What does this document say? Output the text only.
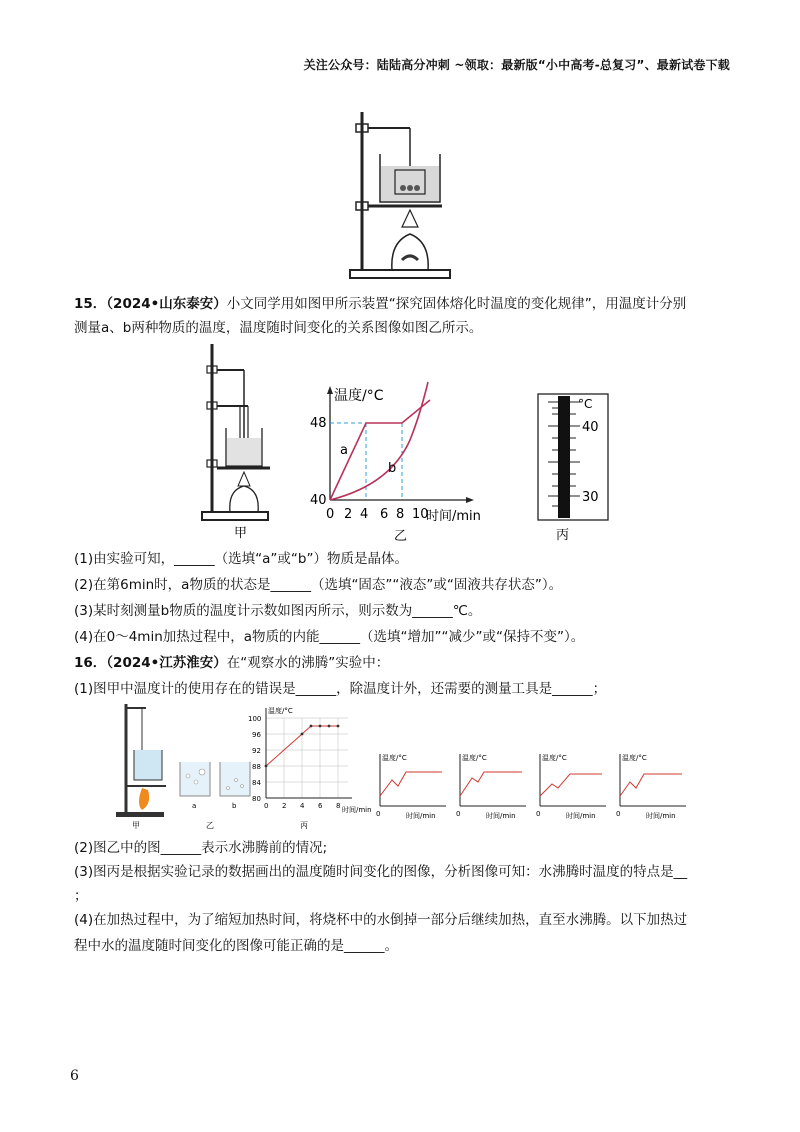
关注公众号：陆陆高分冲刺 ~领取：最新版“小中高考-总复习”、最新试卷下载
15．（2024•山东泰安）小文同学用如图甲所示装置“探究固体熔化时温度的变化规律”，用温度计分别
测量a、b两种物质的温度，温度随时间变化的关系图像如图乙所示。
甲
温度/°C
时间/min
40
48
0 2 4 6 8 10
a
b
乙
°C
40
30
丙
(1)由实验可知，______（选填“a”或“b”）物质是晶体。
(2)在第6min时，a物质的状态是______（选填“固态”“液态”或“固液共存状态”）。
(3)某时刻测量b物质的温度计示数如图丙所示，则示数为______℃。
(4)在0～4min加热过程中，a物质的内能______（选填“增加”“减少”或“保持不变”）。
16．（2024•江苏淮安）在“观察水的沸腾”实验中：
(1)图甲中温度计的使用存在的错误是______，除温度计外，还需要的测量工具是______；
甲
a	b
乙
温度/°C
100
96
92
88
84
80
0 2 4 6 8 时间/min
丙
温度/°C
0	时间/min
温度/°C
0	时间/min
温度/°C
0	时间/min
温度/°C
0	时间/min
(2)图乙中的图______表示水沸腾前的情况;
(3)图丙是根据实验记录的数据画出的温度随时间变化的图像，分析图像可知：水沸腾时温度的特点是__
；
(4)在加热过程中，为了缩短加热时间，将烧杯中的水倒掉一部分后继续加热，直至水沸腾。以下加热过
程中水的温度随时间变化的图像可能正确的是______。
6
